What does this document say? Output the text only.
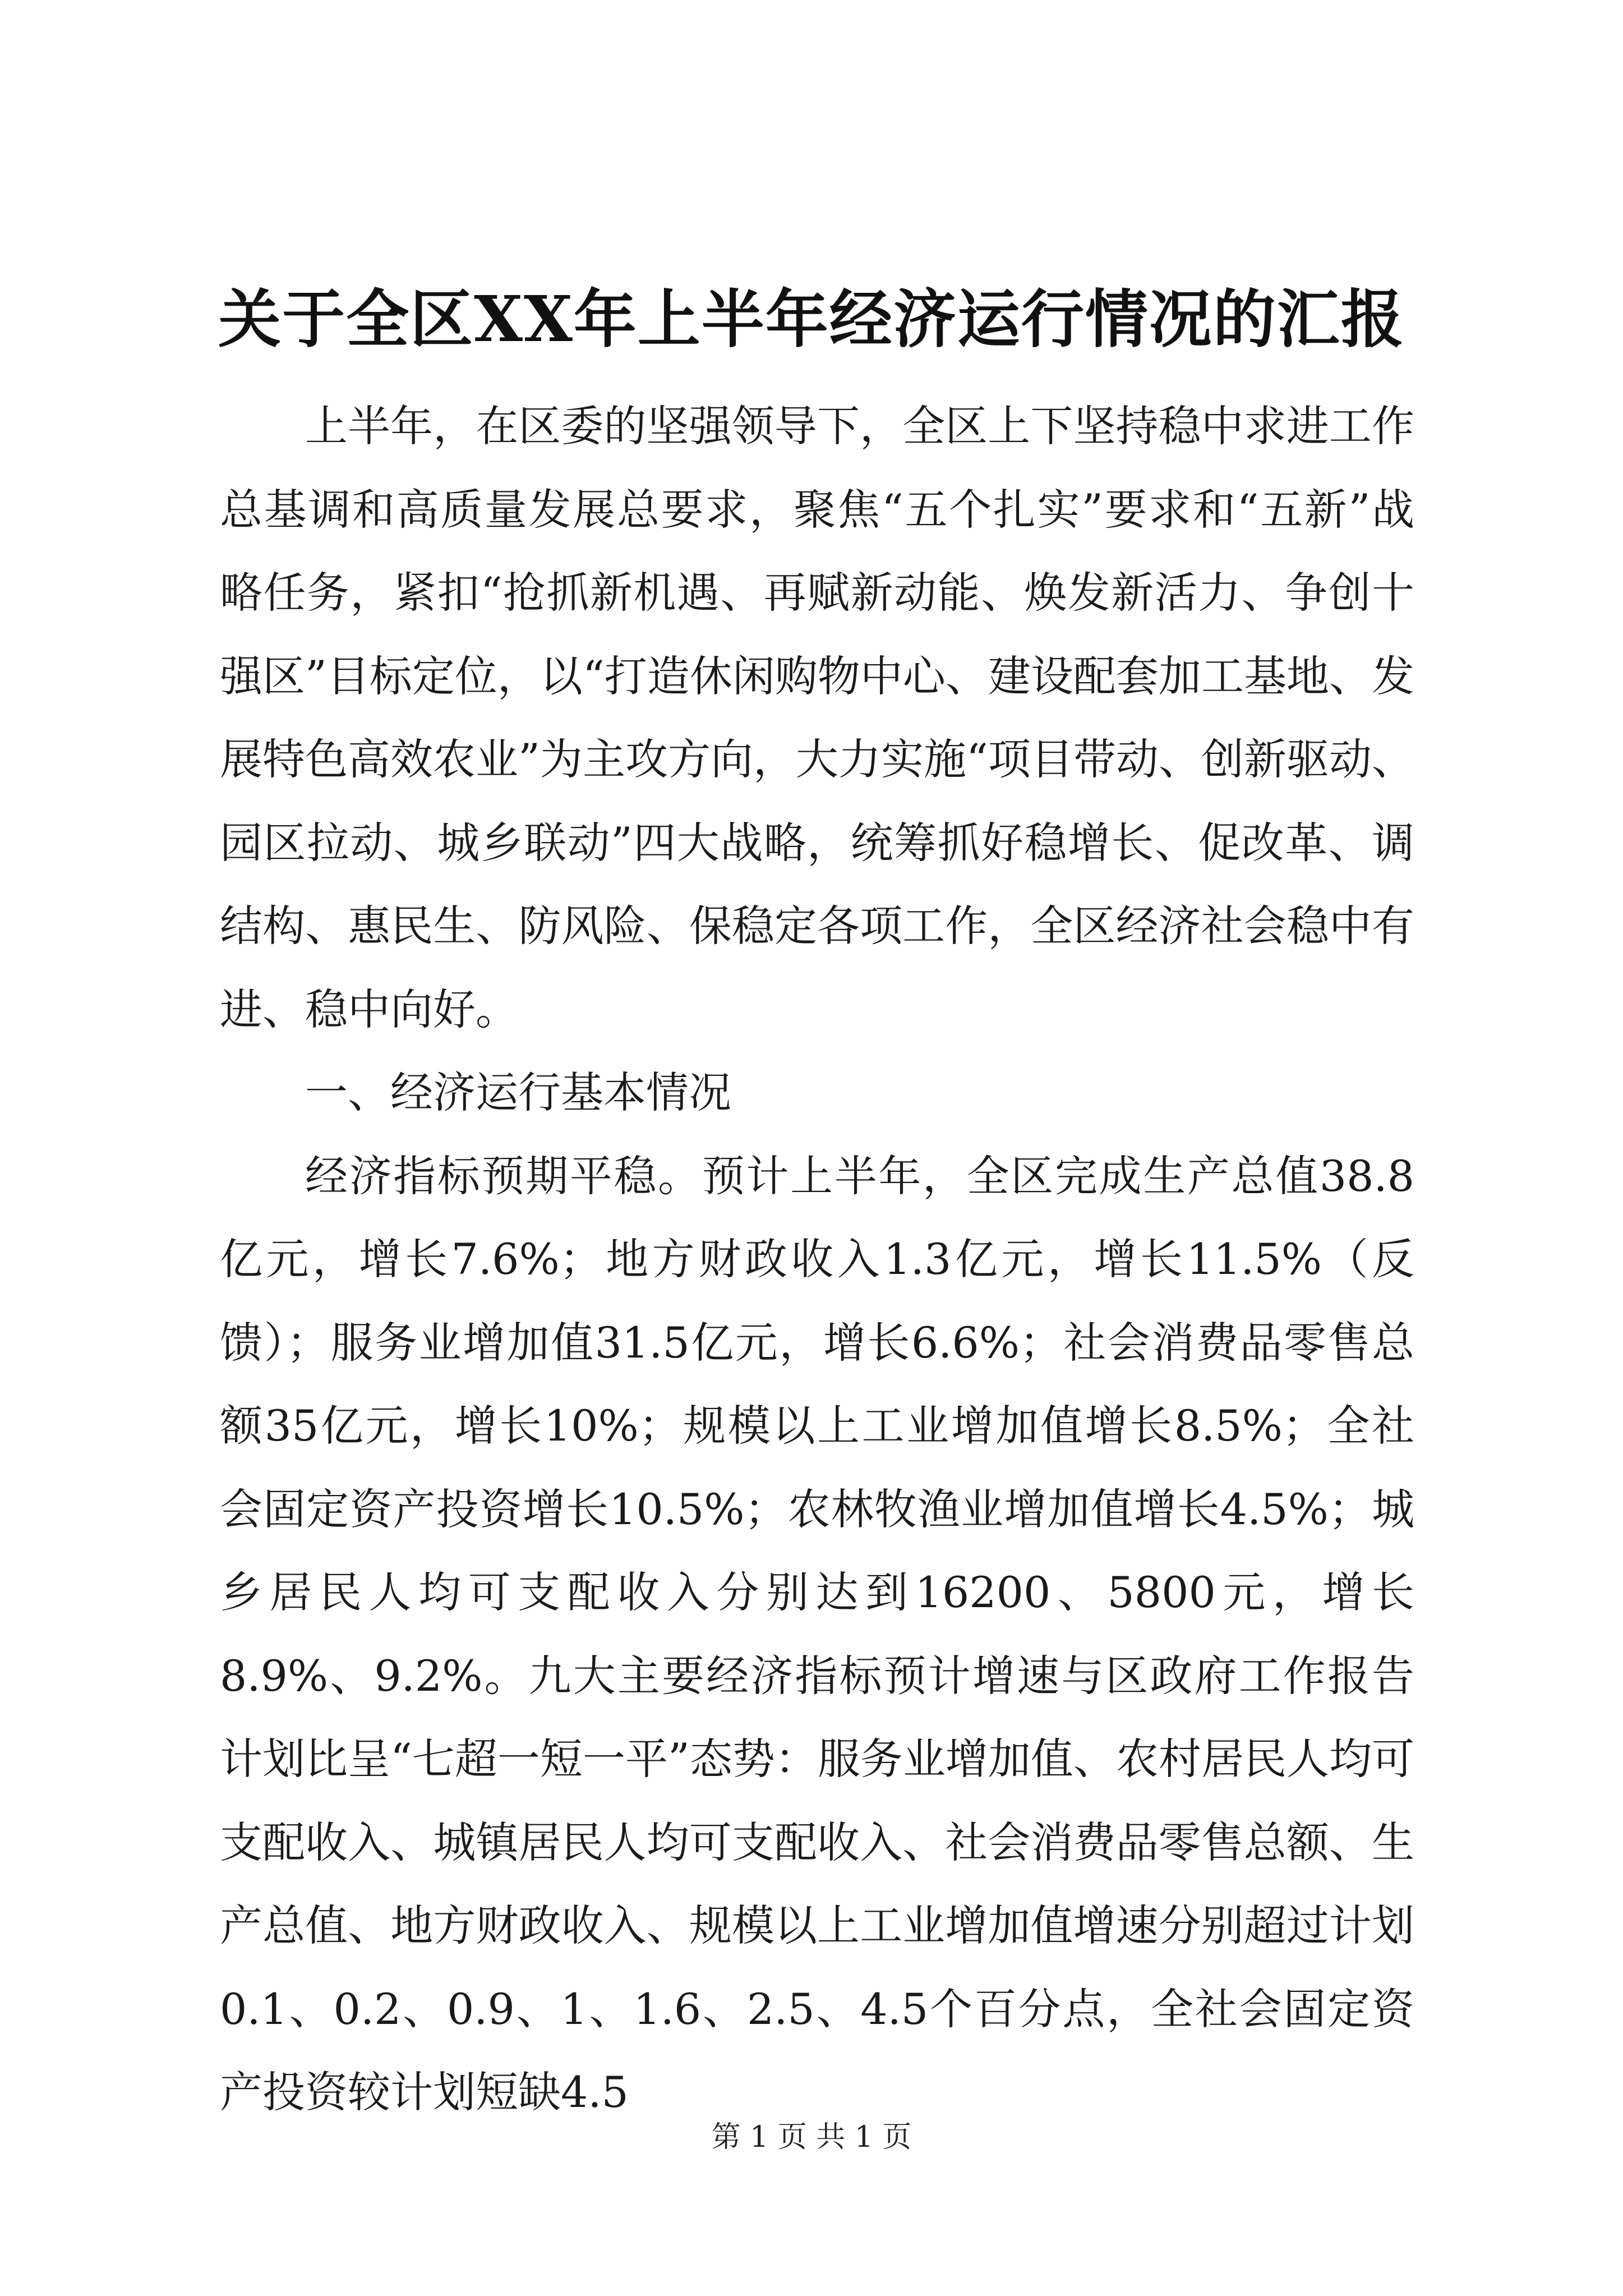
关于全区XX年上半年经济运行情况的汇报

上半年，在区委的坚强领导下，全区上下坚持稳中求进工作总基调和高质量发展总要求，聚焦“五个扎实”要求和“五新”战略任务，紧扣“抢抓新机遇、再赋新动能、焕发新活力、争创十强区”目标定位，以“打造休闲购物中心、建设配套加工基地、发展特色高效农业”为主攻方向，大力实施“项目带动、创新驱动、园区拉动、城乡联动”四大战略，统筹抓好稳增长、促改革、调结构、惠民生、防风险、保稳定各项工作，全区经济社会稳中有进、稳中向好。

一、经济运行基本情况

经济指标预期平稳。预计上半年，全区完成生产总值38.8亿元，增长7.6%；地方财政收入1.3亿元，增长11.5%（反馈）；服务业增加值31.5亿元，增长6.6%；社会消费品零售总额35亿元，增长10%；规模以上工业增加值增长8.5%；全社会固定资产投资增长10.5%；农林牧渔业增加值增长4.5%；城乡居民人均可支配收入分别达到16200、5800元，增长8.9%、9.2%。九大主要经济指标预计增速与区政府工作报告计划比呈“七超一短一平”态势：服务业增加值、农村居民人均可支配收入、城镇居民人均可支配收入、社会消费品零售总额、生产总值、地方财政收入、规模以上工业增加值增速分别超过计划0.1、0.2、0.9、1、1.6、2.5、4.5个百分点，全社会固定资产投资较计划短缺4.5

第 1 页 共 1 页
